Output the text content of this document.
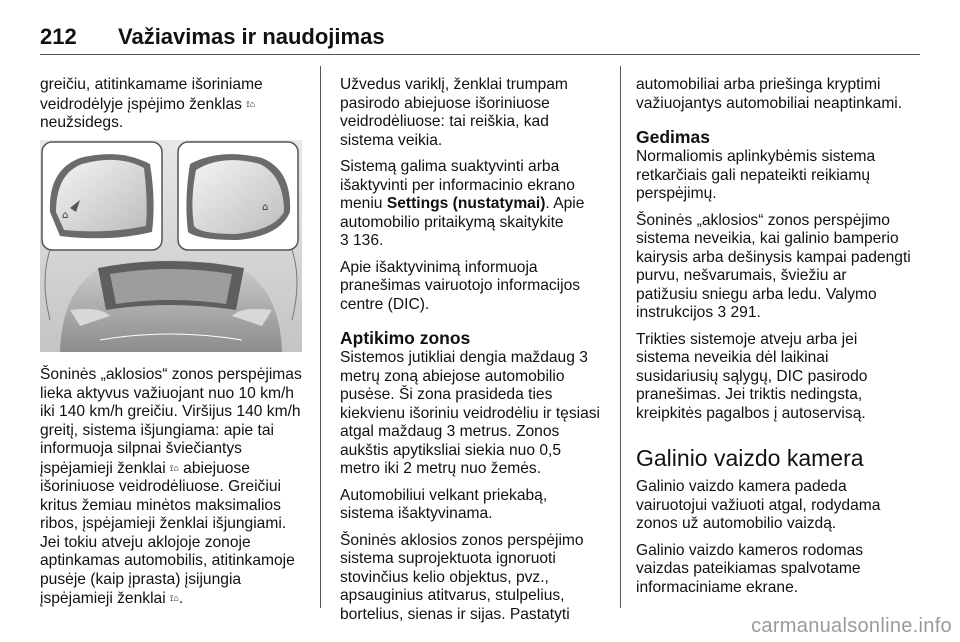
212 Važiavimas ir naudojimas

greičiu, atitinkamame išoriniame veidrodėlyje įspėjimo ženklas ⟟⌂
neužsidegs.

⌂
⌂

Šoninės „aklosios“ zonos perspėjimas lieka aktyvus važiuojant nuo 10 km/h iki 140 km/h greičiu. Viršijus 140 km/h greitį, sistema išjungiama: apie tai informuoja silpnai šviečiantys įspėjamieji ženklai ⟟⌂ abiejuose išoriniuose veidrodėliuose. Greičiui kritus žemiau minėtos maksimalios ribos, įspėjamieji ženklai išjungiami. Jei tokiu atveju aklojoje zonoje aptinkamas automobilis, atitinkamoje pusėje (kaip įprasta) įsijungia įspėjamieji ženklai ⟟⌂.

Užvedus variklį, ženklai trumpam pasirodo abiejuose išoriniuose veidrodėliuose: tai reiškia, kad sistema veikia.

Sistemą galima suaktyvinti arba išaktyvinti per informacinio ekrano meniu Settings (nustatymai). Apie automobilio pritaikymą skaitykite
3 136.

Apie išaktyvinimą informuoja pranešimas vairuotojo informacijos centre (DIC).

Aptikimo zonos

Sistemos jutikliai dengia maždaug 3 metrų zoną abiejose automobilio pusėse. Ši zona prasideda ties kiekvienu išoriniu veidrodėliu ir tęsiasi atgal maždaug 3 metrus. Zonos aukštis apytiksliai siekia nuo 0,5 metro iki 2 metrų nuo žemės.

Automobiliui velkant priekabą, sistema išaktyvinama.

Šoninės aklosios zonos perspėjimo sistema suprojektuota ignoruoti stovinčius kelio objektus, pvz., apsauginius atitvarus, stulpelius, bortelius, sienas ir sijas. Pastatyti

automobiliai arba priešinga kryptimi važiuojantys automobiliai neaptinkami.

Gedimas

Normaliomis aplinkybėmis sistema retkarčiais gali nepateikti reikiamų perspėjimų.

Šoninės „aklosios“ zonos perspėjimo sistema neveikia, kai galinio bamperio kairysis arba dešinysis kampai padengti purvu, nešvarumais, šviežiu ar patižusiu sniegu arba ledu. Valymo instrukcijos 3 291.

Trikties sistemoje atveju arba jei sistema neveikia dėl laikinai susidariusių sąlygų, DIC pasirodo pranešimas. Jei triktis nedingsta, kreipkitės pagalbos į autoservisą.

Galinio vaizdo kamera

Galinio vaizdo kamera padeda vairuotojui važiuoti atgal, rodydama zonos už automobilio vaizdą.

Galinio vaizdo kameros rodomas vaizdas pateikiamas spalvotame informaciniame ekrane.

carmanualsonline.info
